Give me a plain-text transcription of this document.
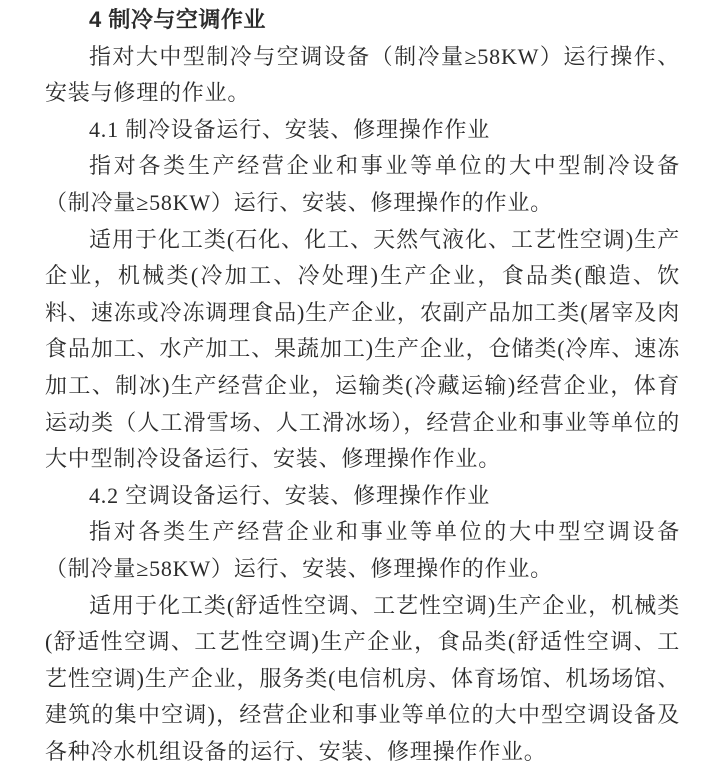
4 制冷与空调作业

指对大中型制冷与空调设备（制冷量≥58KW）运行操作、安装与修理的作业。

4.1 制冷设备运行、安装、修理操作作业

指对各类生产经营企业和事业等单位的大中型制冷设备（制冷量≥58KW）运行、安装、修理操作的作业。

适用于化工类(石化、化工、天然气液化、工艺性空调)生产企业，机械类(冷加工、冷处理)生产企业，食品类(酿造、饮料、速冻或冷冻调理食品)生产企业，农副产品加工类(屠宰及肉食品加工、水产加工、果蔬加工)生产企业，仓储类(冷库、速冻加工、制冰)生产经营企业，运输类(冷藏运输)经营企业，体育运动类（人工滑雪场、人工滑冰场），经营企业和事业等单位的大中型制冷设备运行、安装、修理操作作业。

4.2 空调设备运行、安装、修理操作作业

指对各类生产经营企业和事业等单位的大中型空调设备（制冷量≥58KW）运行、安装、修理操作的作业。

适用于化工类(舒适性空调、工艺性空调)生产企业，机械类(舒适性空调、工艺性空调)生产企业，食品类(舒适性空调、工艺性空调)生产企业，服务类(电信机房、体育场馆、机场场馆、建筑的集中空调)，经营企业和事业等单位的大中型空调设备及各种冷水机组设备的运行、安装、修理操作作业。
